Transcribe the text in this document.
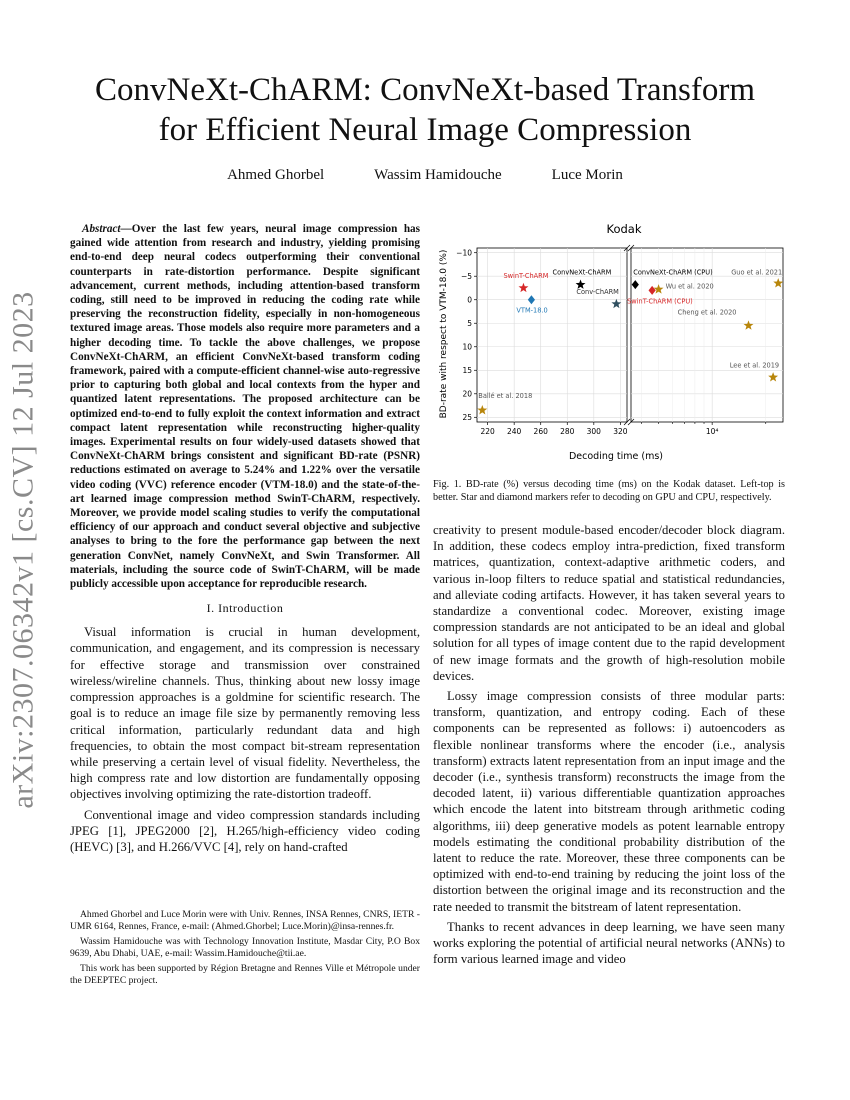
arXiv:2307.06342v1 [cs.CV] 12 Jul 2023
ConvNeXt-ChARM: ConvNeXt-based Transform
for Efficient Neural Image Compression
Ahmed Ghorbel	Wassim Hamidouche	Luce Morin

Abstract—Over the last few years, neural image compression has gained wide attention from research and industry, yielding promising end-to-end deep neural codecs outperforming their conventional counterparts in rate-distortion performance. Despite significant advancement, current methods, including attention-based transform coding, still need to be improved in reducing the coding rate while preserving the reconstruction fidelity, especially in non-homogeneous textured image areas. Those models also require more parameters and a higher decoding time. To tackle the above challenges, we propose ConvNeXt-ChARM, an efficient ConvNeXt-based transform coding framework, paired with a compute-efficient channel-wise auto-regressive prior to capturing both global and local contexts from the hyper and quantized latent representations. The proposed architecture can be optimized end-to-end to fully exploit the context information and extract compact latent representation while reconstructing higher-quality images. Experimental results on four widely-used datasets showed that ConvNeXt-ChARM brings consistent and significant BD-rate (PSNR) reductions estimated on average to 5.24% and 1.22% over the versatile video coding (VVC) reference encoder (VTM-18.0) and the state-of-the-art learned image compression method SwinT-ChARM, respectively. Moreover, we provide model scaling studies to verify the computational efficiency of our approach and conduct several objective and subjective analyses to bring to the fore the performance gap between the next generation ConvNet, namely ConvNeXt, and Swin Transformer. All materials, including the source code of SwinT-ChARM, will be made publicly accessible upon acceptance for reproducible research.

I. Introduction

Visual information is crucial in human development, communication, and engagement, and its compression is necessary for effective storage and transmission over constrained wireless/wireline channels. Thus, thinking about new lossy image compression approaches is a goldmine for scientific research. The goal is to reduce an image file size by permanently removing less critical information, particularly redundant data and high frequencies, to obtain the most compact bit-stream representation while preserving a certain level of visual fidelity. Nevertheless, the high compress rate and low distortion are fundamentally opposing objectives involving optimizing the rate-distortion tradeoff.

Conventional image and video compression standards including JPEG [1], JPEG2000 [2], H.265/high-efficiency video coding (HEVC) [3], and H.266/VVC [4], rely on hand-crafted

Ahmed Ghorbel and Luce Morin were with Univ. Rennes, INSA Rennes, CNRS, IETR - UMR 6164, Rennes, France, e-mail: (Ahmed.Ghorbel; Luce.Morin)@insa-rennes.fr.

Wassim Hamidouche was with Technology Innovation Institute, Masdar City, P.O Box 9639, Abu Dhabi, UAE, e-mail: Wassim.Hamidouche@tii.ae.

This work has been supported by Région Bretagne and Rennes Ville et Métropole under the DEEPTEC project.

Kodak
BD-rate with respect to VTM-18.0 (%)
Decoding time (ms)
220 240 260 280 300 320
−10
−5
0
5
10
15
20
25
SwinT-ChARM ConvNeXt-ChARM
VTM-18.0
Conv-ChARM
Ballé et al. 2018
10⁴
ConvNeXt-ChARM (CPU)
Wu et al. 2020
SwinT-ChARM (CPU)
Guo et al. 2021
Cheng et al. 2020
Lee et al. 2019
Fig. 1. BD-rate (%) versus decoding time (ms) on the Kodak dataset. Left-top is better. Star and diamond markers refer to decoding on GPU and CPU, respectively.

creativity to present module-based encoder/decoder block diagram. In addition, these codecs employ intra-prediction, fixed transform matrices, quantization, context-adaptive arithmetic coders, and various in-loop filters to reduce spatial and statistical redundancies, and alleviate coding artifacts. However, it has taken several years to standardize a conventional codec. Moreover, existing image compression standards are not anticipated to be an ideal and global solution for all types of image content due to the rapid development of new image formats and the growth of high-resolution mobile devices.

Lossy image compression consists of three modular parts: transform, quantization, and entropy coding. Each of these components can be represented as follows: i) autoencoders as flexible nonlinear transforms where the encoder (i.e., analysis transform) extracts latent representation from an input image and the decoder (i.e., synthesis transform) reconstructs the image from the decoded latent, ii) various differentiable quantization approaches which encode the latent into bitstream through arithmetic coding algorithms, iii) deep generative models as potent learnable entropy models estimating the conditional probability distribution of the latent to reduce the rate. Moreover, these three components can be optimized with end-to-end training by reducing the joint loss of the distortion between the original image and its reconstruction and the rate needed to transmit the bitstream of latent representation.

Thanks to recent advances in deep learning, we have seen many works exploring the potential of artificial neural networks (ANNs) to form various learned image and video
